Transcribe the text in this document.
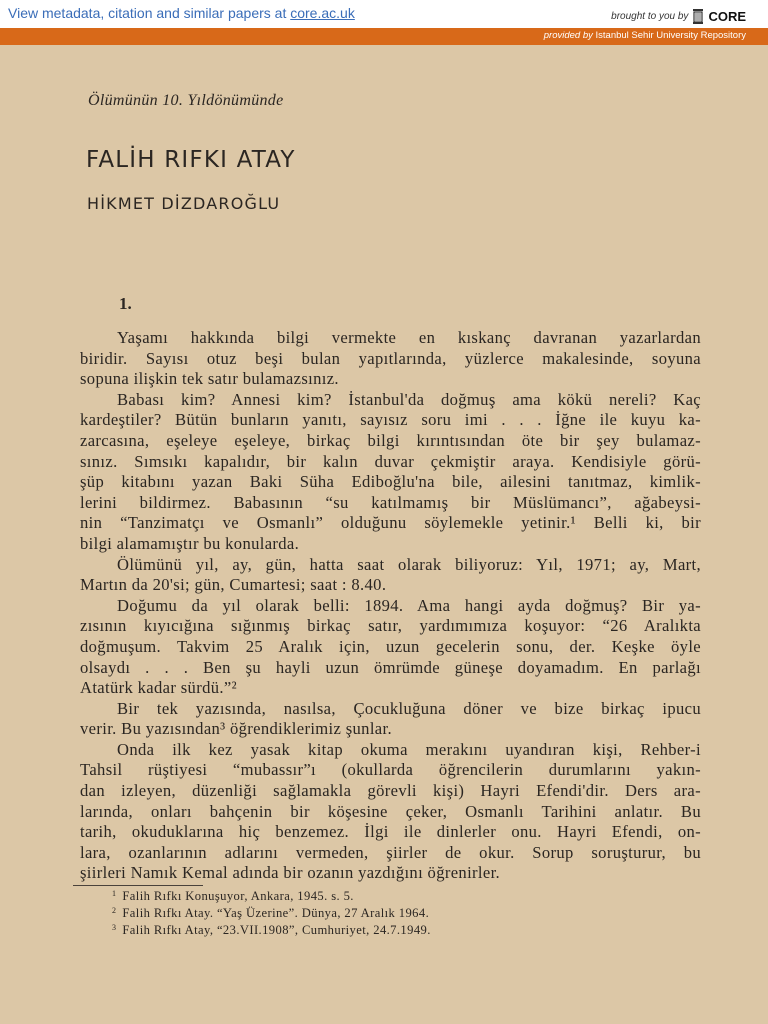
View metadata, citation and similar papers at core.ac.uk	brought to you by CORE
provided by Istanbul Sehir University Repository
Ölümünün 10. Yıldönümünde
FALİH RIFKI ATAY
HİKMET DİZDAROĞLU
1.
Yaşamı hakkında bilgi vermekte en kıskanç davranan yazarlardan
biridir. Sayısı otuz beşi bulan yapıtlarında, yüzlerce makalesinde, soyuna
sopuna ilişkin tek satır bulamazsınız.
Babası kim? Annesi kim? İstanbul'da doğmuş ama kökü nereli? Kaç
kardeştiler? Bütün bunların yanıtı, sayısız soru imi . . . İğne ile kuyu ka-
zarcasına, eşeleye eşeleye, birkaç bilgi kırıntısından öte bir şey bulamaz-
sınız. Sımsıkı kapalıdır, bir kalın duvar çekmiştir araya. Kendisiyle görü-
şüp kitabını yazan Baki Süha Ediboğlu'na bile, ailesini tanıtmaz, kimlik-
lerini bildirmez. Babasının “su katılmamış bir Müslümancı”, ağabeysi-
nin “Tanzimatçı ve Osmanlı” olduğunu söylemekle yetinir.¹ Belli ki, bir
bilgi alamamıştır bu konularda.
Ölümünü yıl, ay, gün, hatta saat olarak biliyoruz: Yıl, 1971; ay, Mart,
Martın da 20'si; gün, Cumartesi; saat : 8.40.
Doğumu da yıl olarak belli: 1894. Ama hangi ayda doğmuş? Bir ya-
zısının kıyıcığına sığınmış birkaç satır, yardımımıza koşuyor: “26 Aralıkta
doğmuşum. Takvim 25 Aralık için, uzun gecelerin sonu, der. Keşke öyle
olsaydı . . . Ben şu hayli uzun ömrümde güneşe doyamadım. En parlağı
Atatürk kadar sürdü.”²
Bir tek yazısında, nasılsa, Çocukluğuna döner ve bize birkaç ipucu
verir. Bu yazısından³ öğrendiklerimiz şunlar.
Onda ilk kez yasak kitap okuma merakını uyandıran kişi, Rehber-i
Tahsil rüştiyesi “mubassır”ı (okullarda öğrencilerin durumlarını yakın-
dan izleyen, düzenliği sağlamakla görevli kişi) Hayri Efendi'dir. Ders ara-
larında, onları bahçenin bir köşesine çeker, Osmanlı Tarihini anlatır. Bu
tarih, okuduklarına hiç benzemez. İlgi ile dinlerler onu. Hayri Efendi, on-
lara, ozanlarının adlarını vermeden, şiirler de okur. Sorup soruşturur, bu
şiirleri Namık Kemal adında bir ozanın yazdığını öğrenirler.
$^1$ Falih Rıfkı Konuşuyor, Ankara, 1945. s. 5.
$^2$ Falih Rıfkı Atay. “Yaş Üzerine”. Dünya, 27 Aralık 1964.
$^3$ Falih Rıfkı Atay, “23.VII.1908”, Cumhuriyet, 24.7.1949.
